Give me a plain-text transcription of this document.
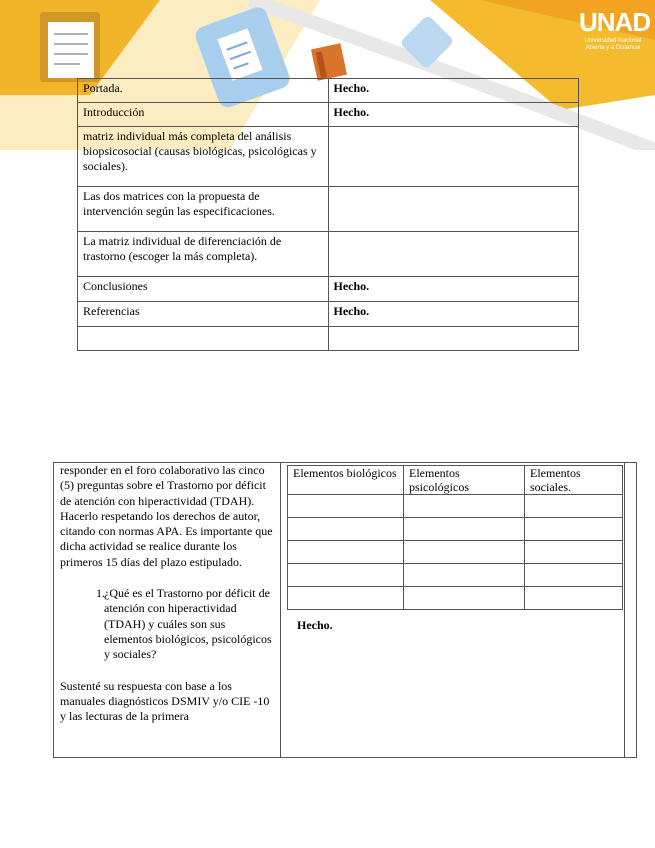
UNAD
Universidad Nacional Abierta y a Distancia
Portada.	Hecho.
Introducción	Hecho.
matriz individual más completa del análisis biopsicosocial (causas biológicas, psicológicas y sociales).	
Las dos matrices con la propuesta de intervención según las especificaciones.	
La matriz individual de diferenciación de trastorno (escoger la más completa).	
Conclusiones	Hecho.
Referencias	Hecho.

responder en el foro colaborativo las cinco (5) preguntas sobre el Trastorno por déficit de atención con hiperactividad (TDAH). Hacerlo respetando los derechos de autor, citando con normas APA. Es importante que dicha actividad se realice durante los primeros 15 días del plazo estipulado.

1.¿Qué es el Trastorno por déficit de atención con hiperactividad (TDAH) y cuáles son sus elementos biológicos, psicológicos y sociales?

Sustenté su respuesta con base a los manuales diagnósticos DSMIV y/o CIE -10 y las lecturas de la primera

Elementos biológicos	Elementos psicológicos	Elementos sociales.

Hecho.
